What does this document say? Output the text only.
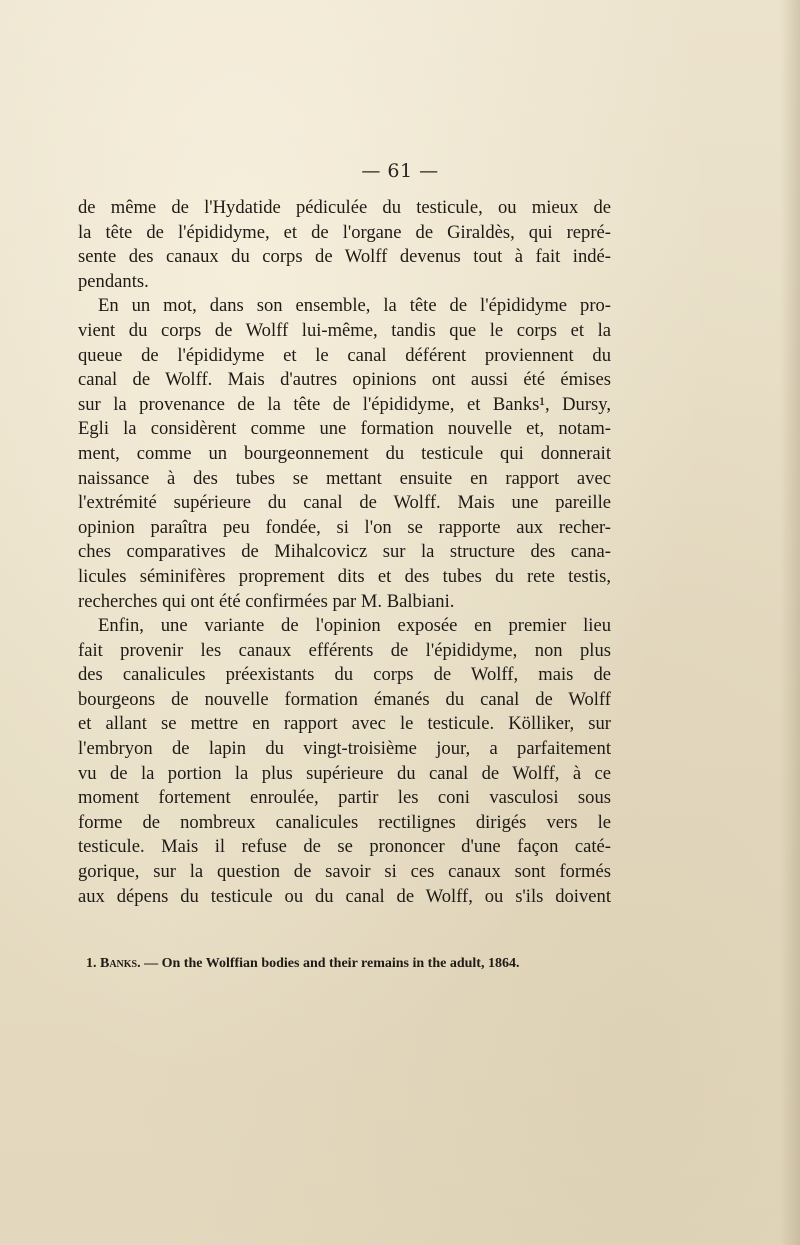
— 61 —
de même de l'Hydatide pédiculée du testicule, ou mieux de
la tête de l'épididyme, et de l'organe de Giraldès, qui repré-
sente des canaux du corps de Wolff devenus tout à fait indé-
pendants.
En un mot, dans son ensemble, la tête de l'épididyme pro-
vient du corps de Wolff lui-même, tandis que le corps et la
queue de l'épididyme et le canal déférent proviennent du
canal de Wolff. Mais d'autres opinions ont aussi été émises
sur la provenance de la tête de l'épididyme, et Banks¹, Dursy,
Egli la considèrent comme une formation nouvelle et, notam-
ment, comme un bourgeonnement du testicule qui donnerait
naissance à des tubes se mettant ensuite en rapport avec
l'extrémité supérieure du canal de Wolff. Mais une pareille
opinion paraîtra peu fondée, si l'on se rapporte aux recher-
ches comparatives de Mihalcovicz sur la structure des cana-
licules séminifères proprement dits et des tubes du rete testis,
recherches qui ont été confirmées par M. Balbiani.
Enfin, une variante de l'opinion exposée en premier lieu
fait provenir les canaux efférents de l'épididyme, non plus
des canalicules préexistants du corps de Wolff, mais de
bourgeons de nouvelle formation émanés du canal de Wolff
et allant se mettre en rapport avec le testicule. Kölliker, sur
l'embryon de lapin du vingt-troisième jour, a parfaitement
vu de la portion la plus supérieure du canal de Wolff, à ce
moment fortement enroulée, partir les coni vasculosi sous
forme de nombreux canalicules rectilignes dirigés vers le
testicule. Mais il refuse de se prononcer d'une façon caté-
gorique, sur la question de savoir si ces canaux sont formés
aux dépens du testicule ou du canal de Wolff, ou s'ils doivent
1. Banks. — On the Wolffian bodies and their remains in the adult, 1864.
